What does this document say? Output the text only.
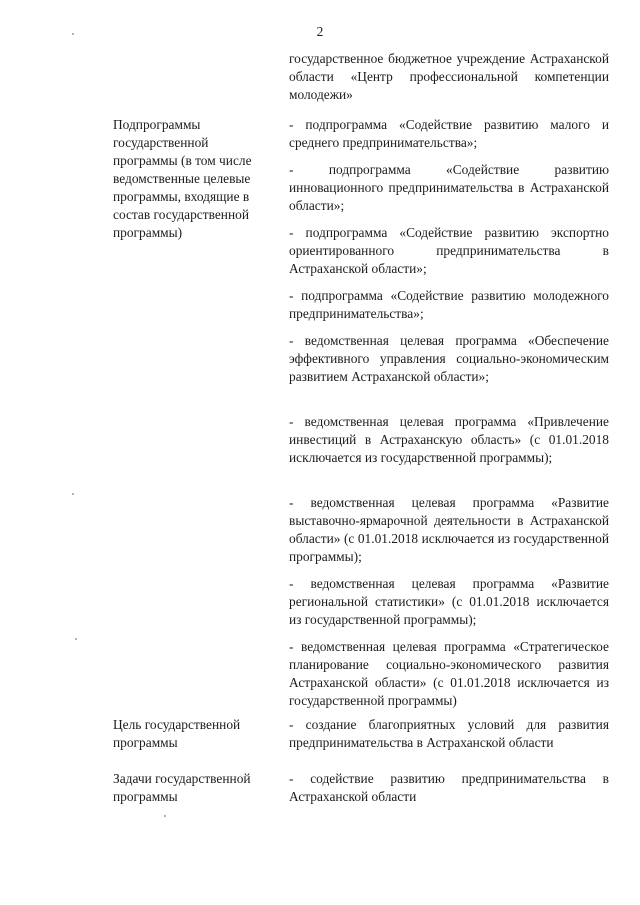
2
государственное бюджетное учреждение Астраханской области «Центр профессиональной компетенции молодежи»
Подпрограммы государственной программы (в том числе ведомственные целевые программы, входящие в состав государственной программы)
- подпрограмма «Содействие развитию малого и среднего предпринимательства»;
- подпрограмма «Содействие развитию инновационного предпринимательства в Астраханской области»;
- подпрограмма «Содействие развитию экспортно ориентированного предпринимательства в Астраханской области»;
- подпрограмма «Содействие развитию молодежного предпринимательства»;
- ведомственная целевая программа «Обеспечение эффективного управления социально-экономическим развитием Астраханской области»;
- ведомственная целевая программа «Привлечение инвестиций в Астраханскую область» (с 01.01.2018 исключается из государственной программы);
- ведомственная целевая программа «Развитие выставочно-ярмарочной деятельности в Астраханской области» (с 01.01.2018 исключается из государственной программы);
- ведомственная целевая программа «Развитие региональной статистики» (с 01.01.2018 исключается из государственной программы);
- ведомственная целевая программа «Стратегическое планирование социально-экономического развития Астраханской области» (с 01.01.2018 исключается из государственной программы)
Цель государственной программы
- создание благоприятных условий для развития предпринимательства в Астраханской области
Задачи государственной программы
- содействие развитию предпринимательства в Астраханской области
